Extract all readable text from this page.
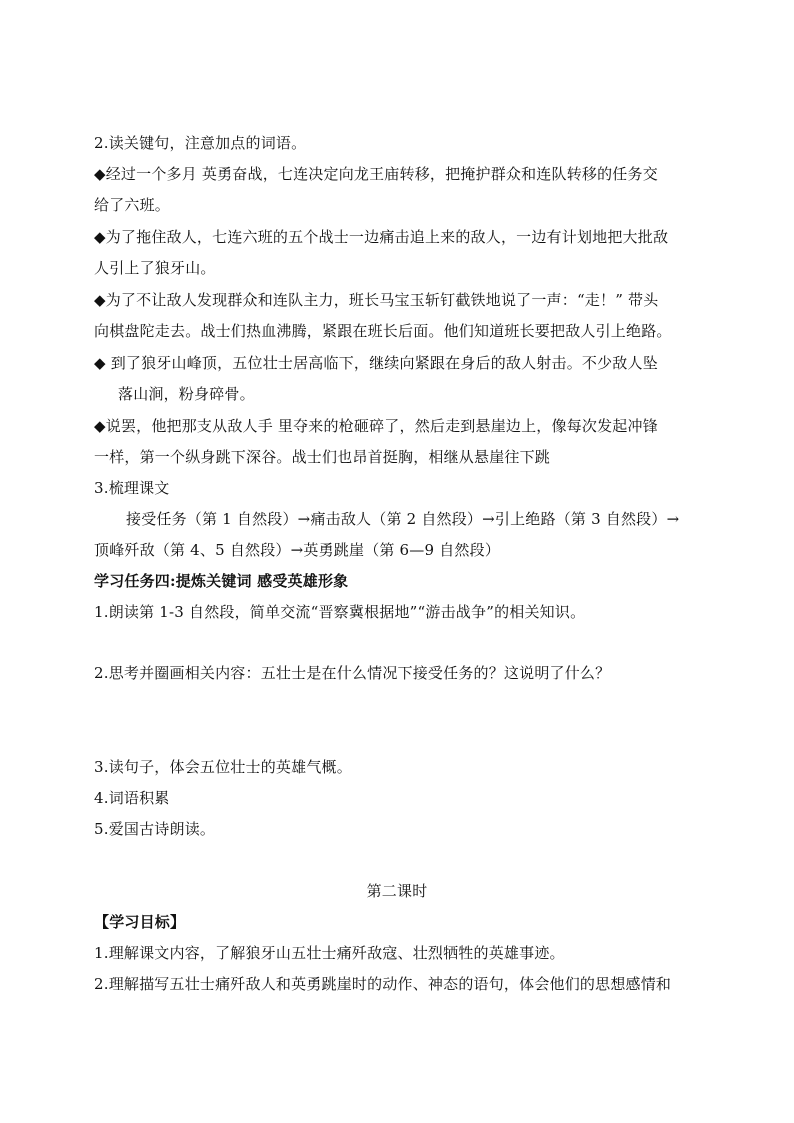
2.读关键句，注意加点的词语。
◆经过一个多月 英勇奋战，七连决定向龙王庙转移，把掩护群众和连队转移的任务交
给了六班。
◆为了拖住敌人，七连六班的五个战士一边痛击追上来的敌人，一边有计划地把大批敌
人引上了狼牙山。
◆为了不让敌人发现群众和连队主力，班长马宝玉斩钉截铁地说了一声：“走！” 带头
向棋盘陀走去。战士们热血沸腾，紧跟在班长后面。他们知道班长要把敌人引上绝路。
◆ 到了狼牙山峰顶，五位壮士居高临下，继续向紧跟在身后的敌人射击。不少敌人坠
落山涧，粉身碎骨。
◆说罢，他把那支从敌人手 里夺来的枪砸碎了，然后走到悬崖边上，像每次发起冲锋
一样，第一个纵身跳下深谷。战士们也昂首挺胸，相继从悬崖往下跳
3.梳理课文
接受任务（第 1 自然段）→痛击敌人（第 2 自然段）→引上绝路（第 3 自然段）→
顶峰歼敌（第 4、5 自然段）→英勇跳崖（第 6—9 自然段）
学习任务四:提炼关键词 感受英雄形象
1.朗读第 1-3 自然段，简单交流“晋察冀根据地”“游击战争”的相关知识。
2.思考并圈画相关内容：五壮士是在什么情况下接受任务的？这说明了什么？
3.读句子，体会五位壮士的英雄气概。
4.词语积累
5.爱国古诗朗读。
第二课时
【学习目标】
1.理解课文内容，了解狼牙山五壮士痛歼敌寇、壮烈牺牲的英雄事迹。
2.理解描写五壮士痛歼敌人和英勇跳崖时的动作、神态的语句，体会他们的思想感情和
